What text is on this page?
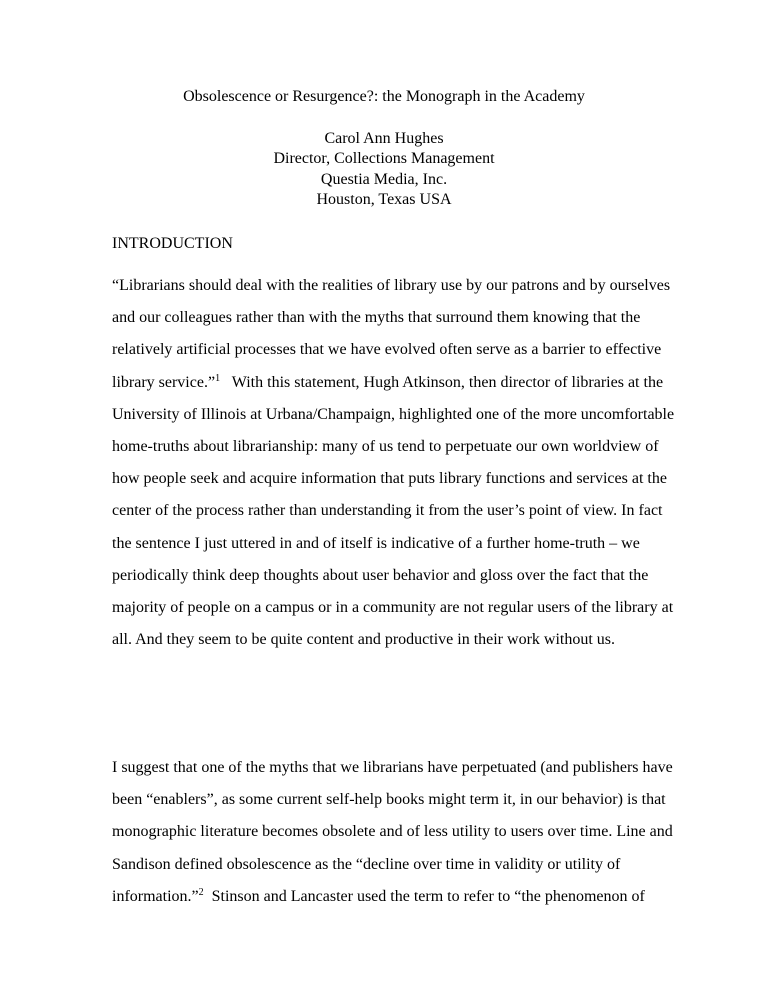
Obsolescence or Resurgence?: the Monograph in the Academy
Carol Ann Hughes
Director, Collections Management
Questia Media, Inc.
Houston, Texas USA
INTRODUCTION
“Librarians should deal with the realities of library use by our patrons and by ourselves
and our colleagues rather than with the myths that surround them knowing that the
relatively artificial processes that we have evolved often serve as a barrier to effective
library service.”$^1$   With this statement, Hugh Atkinson, then director of libraries at the
University of Illinois at Urbana/Champaign, highlighted one of the more uncomfortable
home-truths about librarianship: many of us tend to perpetuate our own worldview of
how people seek and acquire information that puts library functions and services at the
center of the process rather than understanding it from the user’s point of view. In fact
the sentence I just uttered in and of itself is indicative of a further home-truth – we
periodically think deep thoughts about user behavior and gloss over the fact that the
majority of people on a campus or in a community are not regular users of the library at
all. And they seem to be quite content and productive in their work without us.
I suggest that one of the myths that we librarians have perpetuated (and publishers have
been “enablers”, as some current self-help books might term it, in our behavior) is that
monographic literature becomes obsolete and of less utility to users over time. Line and
Sandison defined obsolescence as the “decline over time in validity or utility of
information.”$^2$  Stinson and Lancaster used the term to refer to “the phenomenon of
